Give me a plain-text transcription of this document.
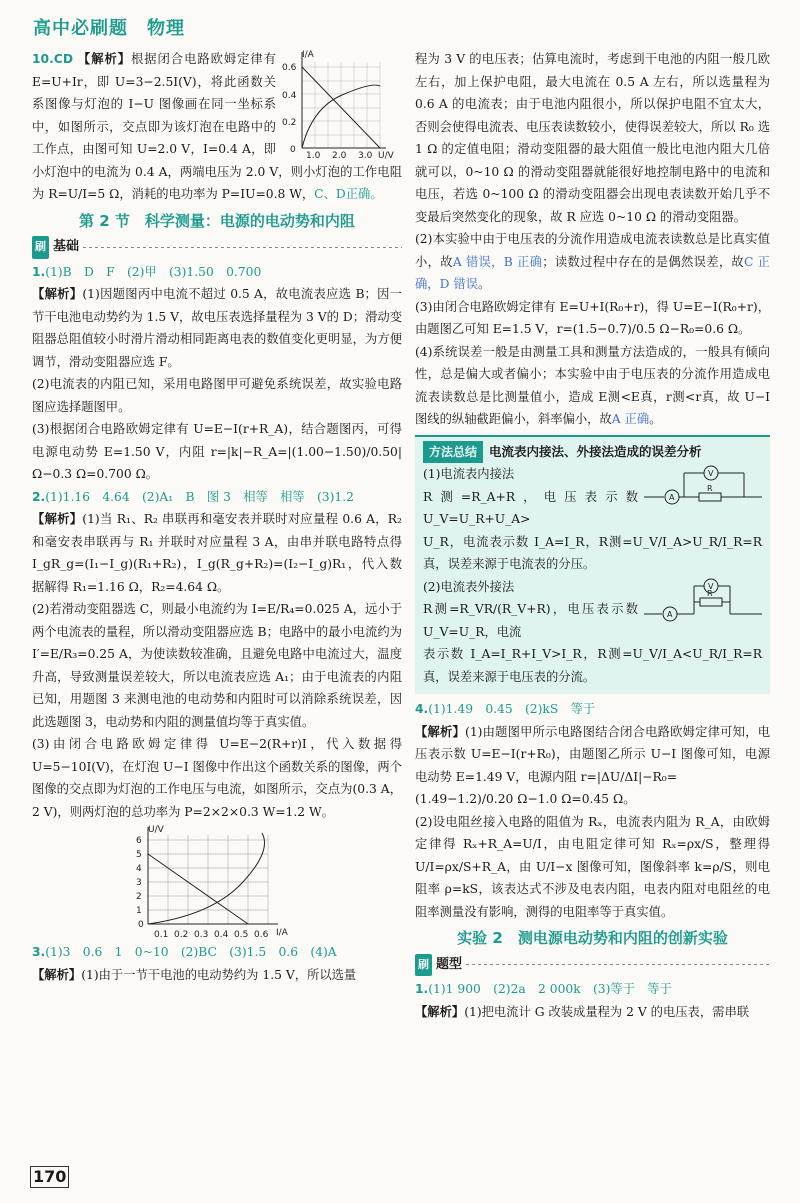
高中必刷题　 物理
I/A
U/V
0.6
0.4
0.2
0
1.0 2.0 3.0

10.CD 【解析】根据闭合电路欧姆定律有 E=U+Ir，即 U=3−2.5I(V)，将此函数关系图像与灯泡的 I−U 图像画在同一坐标系中，如图所示，交点即为该灯泡在电路中的工作点，由图可知 U=2.0 V，I=0.4 A，即小灯泡中的电流为 0.4 A，两端电压为 2.0 V，则小灯泡的工作电阻为 R=U/I=5 Ω，消耗的电功率为 P=IU=0.8 W，C、D正确。

第 2 节　科学测量：电源的电动势和内阻
刷 基础

1.(1)B　D　F　(2)甲　(3)1.50　0.700

【解析】(1)因题图丙中电流不超过 0.5 A，故电流表应选 B；因一节干电池电动势约为 1.5 V，故电压表选择量程为 3 V的 D；滑动变阻器总阻值较小时滑片滑动相同距离电表的数值变化更明显，为方便调节，滑动变阻器应选 F。

(2)电流表的内阻已知，采用电路图甲可避免系统误差，故实验电路图应选择题图甲。

(3)根据闭合电路欧姆定律有 U=E−I(r+R_A)，结合题图丙，可得电源电动势 E=1.50 V，内阻 r=|k|−R_A=|(1.00−1.50)/0.50| Ω−0.3 Ω=0.700 Ω。

2.(1)1.16　4.64　(2)A₁　B　图 3　相等　相等　(3)1.2

【解析】(1)当 R₁、R₂ 串联再和毫安表并联时对应量程 0.6 A，R₂ 和毫安表串联再与 R₁ 并联时对应量程 3 A，由串并联电路特点得 I_gR_g=(I₁−I_g)(R₁+R₂)，I_g(R_g+R₂)=(I₂−I_g)R₁，代入数据解得 R₁=1.16 Ω，R₂=4.64 Ω。

(2)若滑动变阻器选 C，则最小电流约为 I=E/R₄=0.025 A，远小于两个电流表的量程，所以滑动变阻器应选 B；电路中的最小电流约为 I′=E/R₃=0.25 A，为使读数较准确，且避免电路中电流过大，温度升高，导致测量误差较大，所以电流表应选 A₁；由于电流表的内阻已知，用题图 3 来测电池的电动势和内阻时可以消除系统误差，因此选题图 3，电动势和内阻的测量值均等于真实值。

(3)由闭合电路欧姆定律得 U=E−2(R+r)I，代入数据得 U=5−10I(V)，在灯泡 U−I 图像中作出这个函数关系的图像，两个图像的交点即为灯泡的工作电压与电流，如图所示，交点为(0.3 A，2 V)，则两灯泡的总功率为 P=2×2×0.3 W=1.2 W。

U/V
I/A
6
5
4
3
2
1
0
0.1 0.2 0.3 0.4 0.5 0.6

3.(1)3　0.6　1　0~10　(2)BC　(3)1.5　0.6　(4)A

【解析】(1)由于一节干电池的电动势约为 1.5 V，所以选量

程为 3 V 的电压表；估算电流时，考虑到干电池的内阻一般几欧左右，加上保护电阻，最大电流在 0.5 A 左右，所以选量程为 0.6 A 的电流表；由于电池内阻很小，所以保护电阻不宜太大，否则会使得电流表、电压表读数较小，使得误差较大，所以 R₀ 选 1 Ω 的定值电阻；滑动变阻器的最大阻值一般比电池内阻大几倍就可以，0~10 Ω 的滑动变阻器就能很好地控制电路中的电流和电压，若选 0~100 Ω 的滑动变阻器会出现电表读数开始几乎不变最后突然变化的现象，故 R 应选 0~10 Ω 的滑动变阻器。

(2)本实验中由于电压表的分流作用造成电流表读数总是比真实值小，故A 错误，B 正确；读数过程中存在的是偶然误差，故C 正确，D 错误。

(3)由闭合电路欧姆定律有 E=U+I(R₀+r)，得 U=E−I(R₀+r)，由题图乙可知 E=1.5 V，r=(1.5−0.7)/0.5 Ω−R₀=0.6 Ω。

(4)系统误差一般是由测量工具和测量方法造成的，一般具有倾向性，总是偏大或者偏小；本实验中由于电压表的分流作用造成电流表读数总是比测量值小，造成 E测<E真，r测<r真，故 U−I 图线的纵轴截距偏小，斜率偏小，故A 正确。

方法总结 电流表内接法、外接法造成的误差分析

(1)电流表内接法

R测=R_A+R，电压表示数 U_V=U_R+U_A>

A
V
R

U_R，电流表示数 I_A=I_R，R测=U_V/I_A>U_R/I_R=R真，误差来源于电流表的分压。

(2)电流表外接法

R测=R_VR/(R_V+R)，电压表示数 U_V=U_R，电流

A
V
R

表示数 I_A=I_R+I_V>I_R，R测=U_V/I_A<U_R/I_R=R真，误差来源于电压表的分流。

4.(1)1.49　0.45　(2)kS　等于

【解析】(1)由题图甲所示电路图结合闭合电路欧姆定律可知，电压表示数 U=E−I(r+R₀)，由题图乙所示 U−I 图像可知，电源电动势 E=1.49 V，电源内阻 r=|ΔU/ΔI|−R₀=

(1.49−1.2)/0.20 Ω−1.0 Ω=0.45 Ω。

(2)设电阻丝接入电路的阻值为 Rₓ，电流表内阻为 R_A，由欧姆定律得 Rₓ+R_A=U/I，由电阻定律可知 Rₓ=ρx/S，整理得 U/I=ρx/S+R_A，由 U/I−x 图像可知，图像斜率 k=ρ/S，则电阻率 ρ=kS，该表达式不涉及电表内阻，电表内阻对电阻丝的电阻率测量没有影响，测得的电阻率等于真实值。

实验 2　测电源电动势和内阻的创新实验
刷 题型

1.(1)1 900　(2)2a　2 000k　(3)等于　等于

【解析】(1)把电流计 G 改装成量程为 2 V 的电压表，需串联

170
